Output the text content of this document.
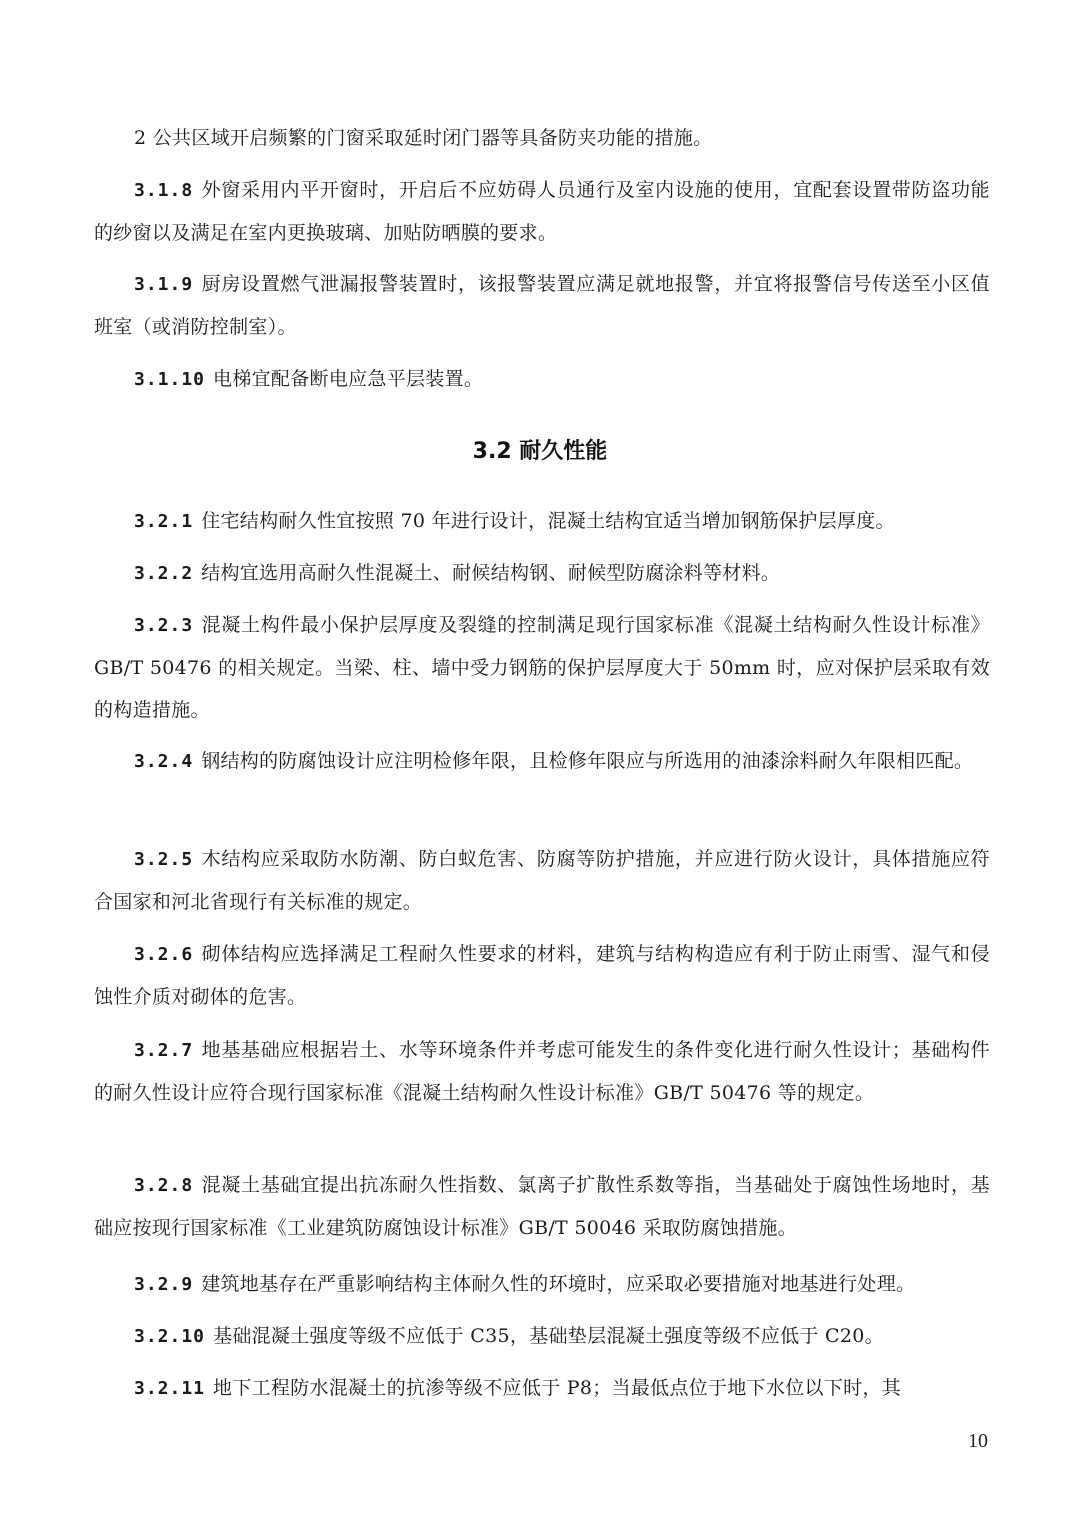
2 公共区域开启频繁的门窗采取延时闭门器等具备防夹功能的措施。

3.1.8 外窗采用内平开窗时，开启后不应妨碍人员通行及室内设施的使用，宜配套设置带防盗功能的纱窗以及满足在室内更换玻璃、加贴防晒膜的要求。

3.1.9 厨房设置燃气泄漏报警装置时，该报警装置应满足就地报警，并宜将报警信号传送至小区值班室（或消防控制室）。

3.1.10 电梯宜配备断电应急平层装置。

3.2 耐久性能

3.2.1 住宅结构耐久性宜按照 70 年进行设计，混凝土结构宜适当增加钢筋保护层厚度。

3.2.2 结构宜选用高耐久性混凝土、耐候结构钢、耐候型防腐涂料等材料。

3.2.3 混凝土构件最小保护层厚度及裂缝的控制满足现行国家标准《混凝土结构耐久性设计标准》GB/T 50476 的相关规定。当梁、柱、墙中受力钢筋的保护层厚度大于 50mm 时，应对保护层采取有效的构造措施。

3.2.4 钢结构的防腐蚀设计应注明检修年限，且检修年限应与所选用的油漆涂料耐久年限相匹配。

3.2.5 木结构应采取防水防潮、防白蚁危害、防腐等防护措施，并应进行防火设计，具体措施应符合国家和河北省现行有关标准的规定。

3.2.6 砌体结构应选择满足工程耐久性要求的材料，建筑与结构构造应有利于防止雨雪、湿气和侵蚀性介质对砌体的危害。

3.2.7 地基基础应根据岩土、水等环境条件并考虑可能发生的条件变化进行耐久性设计；基础构件的耐久性设计应符合现行国家标准《混凝土结构耐久性设计标准》GB/T 50476 等的规定。

3.2.8 混凝土基础宜提出抗冻耐久性指数、氯离子扩散性系数等指，当基础处于腐蚀性场地时，基础应按现行国家标准《工业建筑防腐蚀设计标准》GB/T 50046 采取防腐蚀措施。

3.2.9 建筑地基存在严重影响结构主体耐久性的环境时，应采取必要措施对地基进行处理。

3.2.10 基础混凝土强度等级不应低于 C35，基础垫层混凝土强度等级不应低于 C20。

3.2.11 地下工程防水混凝土的抗渗等级不应低于 P8；当最低点位于地下水位以下时，其

10
